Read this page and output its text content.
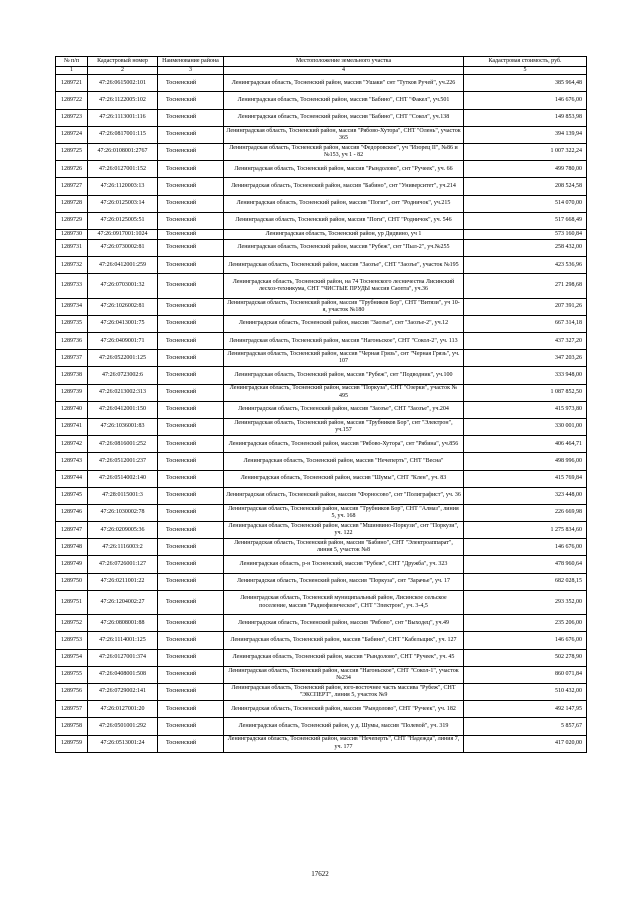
№ п/п	Кадастровый номер	Наименование района	Местоположение земельного участка	Кадастровая стоимость, руб.
1	2	3	4	5
1289721	47:26:0615002:101	Тосненский	Ленинградская область, Тосненский район, массив "Ушаки" снт "Тутков Ручей", уч.226	385 964,48
1289722	47:26:1122005:102	Тосненский	Ленинградская область, Тосненский район, массив "Бабино", СНТ "Факел", уч.501	146 676,00
1289723	47:26:1113001:116	Тосненский	Ленинградская область, Тосненский район, массив "Бабино", СНТ "Сокол", уч.138	149 853,98
1289724	47:26:0817001:115	Тосненский	Ленинградская область, Тосненский район, массив "Рябово-Хутора", СНТ "Олень", участок 365	394 139,94
1289725	47:26:0108001:2767	Тосненский	Ленинградская область, Тосненский район, массив "Федоровское", уч "Изорец II", №86 и №153, уч 1 - 82	1 007 322,24
1289726	47:26:0127001:152	Тосненский	Ленинградская область, Тосненский район, массив "Рындолово", снт "Ручеек", уч. 66	499 780,00
1289727	47:26:1120003:13	Тосненский	Ленинградская область, Тосненский район, массив "Бабино", снт "Университет", уч.214	208 524,58
1289728	47:26:0125003:14	Тосненский	Ленинградская область, Тосненский район, массив "Погиг", снт "Родничок", уч.215	514 070,00
1289729	47:26:0125005:51	Тосненский	Ленинградская область, Тосненский район, массив "Поги", СНТ "Родничок", уч. 546	517 668,49
1289730	47:26:0917001:1024	Тосненский	Ленинградская область, Тосненский район, ур Дидвино, уч 1	573 160,84
1289731	47:26:0730002:81	Тосненский	Ленинградская область, Тосненский район, массив "Рубеж", снт "Пыл-2", уч.№255	258 432,00
1289732	47:26:0412001:259	Тосненский	Ленинградская область, Тосненский район, массив "Заозъе", СНТ "Заозъе", участок №195	423 536,96
1289733	47:26:0703001:32	Тосненский	Ленинградская область, Тосненский район, на 74 Тосненского лесничества Лисинский лесхоз-техникума, СНТ "ЧИСТЫЕ ПРУДЫ массив Саопта", уч.36	271 298,68
1289734	47:26:1026002:81	Тосненский	Ленинградская область, Тосненский район, массив "Трубников Бор", СНТ "Витязи", уч 10-я, участок №180	207 391,26
1289735	47:26:0413001:75	Тосненский	Ленинградская область, Тосненский район, массив "Заозъе", снт "Заозъе-2", уч.12	667 314,18
1289736	47:26:0409001:71	Тосненский	Ленинградская область, Тосненский район, массив "Нагоньское", СНТ "Сокол-2", уч. 113	437 327,20
1289737	47:26:0522001:125	Тосненский	Ленинградская область, Тосненский район, массив "Черная Грязь", снт "Черная Грязь", уч. 107	347 203,26
1289738	47:26:0723002:6	Тосненский	Ленинградская область, Тосненский район, массив "Рубеж", снт "Подводник", уч.100	333 948,00
1289739	47:26:0213002:313	Тосненский	Ленинградская область, Тосненский район, массив "Поркуза", СНТ "Озерки", участок № 495	1 087 852,50
1289740	47:26:0412001:150	Тосненский	Ленинградская область, Тосненский район, массив "Заозъе", СНТ "Заозъе", уч.204	415 973,80
1289741	47:26:1036001:83	Тосненский	Ленинградская область, Тосненский район, массив "Трубников Бор", снт "Электрон", уч.157	330 001,00
1289742	47:26:0816001:252	Тосненский	Ленинградская область, Тосненский район, массив "Рябово-Хутора", снт "Рябина", уч.856	406 464,71
1289743	47:26:0512001:237	Тосненский	Ленинградская область, Тосненский район, массив "Нечеперть", СНТ "Весна"	498 996,00
1289744	47:26:0514002:140	Тосненский	Ленинградская область, Тосненский район, массив "Шумы", СНТ "Клен", уч. 83	415 769,84
1289745	47:28:0115001:3	Тосненский	Ленинградская область, Тосненский район, массив "Форносово", снт "Полиграфист", уч. 36	323 448,00
1289746	47:26:1030002:78	Тосненский	Ленинградская область, Тосненский район, массив "Трубников Бор", СНТ "Алмаз", линия 5, уч. 168	226 669,98
1289747	47:26:0209005:36	Тосненский	Ленинградская область, Тосненский район, массив "Мшинвино-Поркузи", снт "Поркузи", уч. 122	1 275 834,60
1289748	47:26:1116003:2	Тосненский	Ленинградская область, Тосненский район, массив "Бабино", СНТ "Электроаппарат", линия 5, участок №8	146 676,00
1289749	47:26:0726001:127	Тосненский	Ленинградская область, р-н Тосненский, массив "Рубеж", СНТ "Дружба", уч. 323	478 960,64
1289750	47:26:0211001:22	Тосненский	Ленинградская область, Тосненский район, массив "Поркуза", снт "Зарачье", уч. 17	682 028,15
1289751	47:26:1204002:27	Тосненский	Ленинградская область, Тосненский муниципальный район, Лисинское сельское поселение, массив "Радиофизическое", СНТ "Электрон", уч. 3-4,5	293 352,00
1289752	47:26:0808001:88	Тосненский	Ленинградская область, Тосненский район, массив "Рябово", снт "Выходец", уч.49	235 206,00
1289753	47:26:1114001:125	Тосненский	Ленинградская область, Тосненский район, массив "Бабино", СНТ "Кабельщик", уч. 127	146 676,00
1289754	47:26:0127001:374	Тосненский	Ленинградская область, Тосненский район, массив "Рындолово", СНТ "Ручеек", уч. 45	502 278,90
1289755	47:26:0408001:508	Тосненский	Ленинградская область, Тосненский район, массив "Нагоньское", СНТ "Сокол-1", участок №234	860 071,84
1289756	47:26:0729002:141	Тосненский	Ленинградская область, Тосненский район, юго-восточнее часть массива "Рубеж", СНТ "ЭКСПЕРТ", линия 5, участок №9	510 432,00
1289757	47:26:0127001:20	Тосненский	Ленинградская область, Тосненский район, массив "Рындолово", СНТ "Ручеек", уч. 182	492 147,95
1289758	47:26:0501001:292	Тосненский	Ленинградская область, Тосненский район, у д. Шумы, массив "Полевой", уч. 319	5 857,67
1289759	47:26:0513001:24	Тосненский	Ленинградская область, Тосненский район, массив "Нечеперть", СНТ "Надежда", линия 7, уч. 177	417 020,00
17622
